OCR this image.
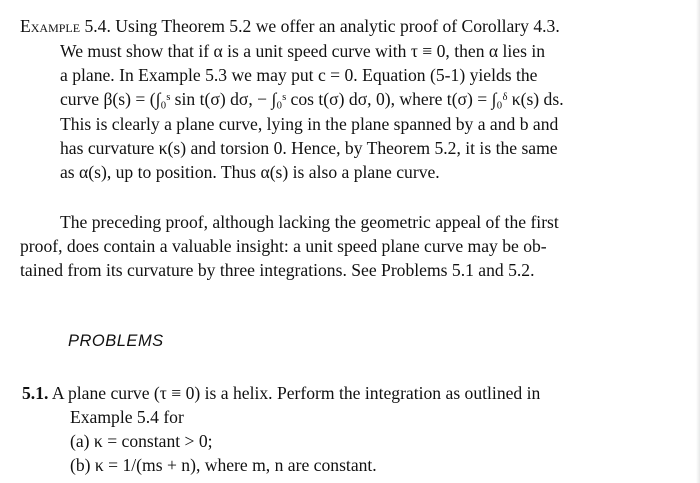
Example 5.4. Using Theorem 5.2 we offer an analytic proof of Corollary 4.3.
We must show that if α is a unit speed curve with τ ≡ 0, then α lies in
a plane. In Example 5.3 we may put c = 0. Equation (5-1) yields the
curve β(s) = (∫₀ˢ sin t(σ) dσ, − ∫₀ˢ cos t(σ) dσ, 0), where t(σ) = ∫₀ᵟ κ(s) ds.
This is clearly a plane curve, lying in the plane spanned by a and b and
has curvature κ(s) and torsion 0. Hence, by Theorem 5.2, it is the same
as α(s), up to position. Thus α(s) is also a plane curve.
The preceding proof, although lacking the geometric appeal of the first
proof, does contain a valuable insight: a unit speed plane curve may be ob-
tained from its curvature by three integrations. See Problems 5.1 and 5.2.
PROBLEMS
5.1. A plane curve (τ ≡ 0) is a helix. Perform the integration as outlined in
Example 5.4 for
(a) κ = constant > 0;
(b) κ = 1/(ms + n), where m, n are constant.
